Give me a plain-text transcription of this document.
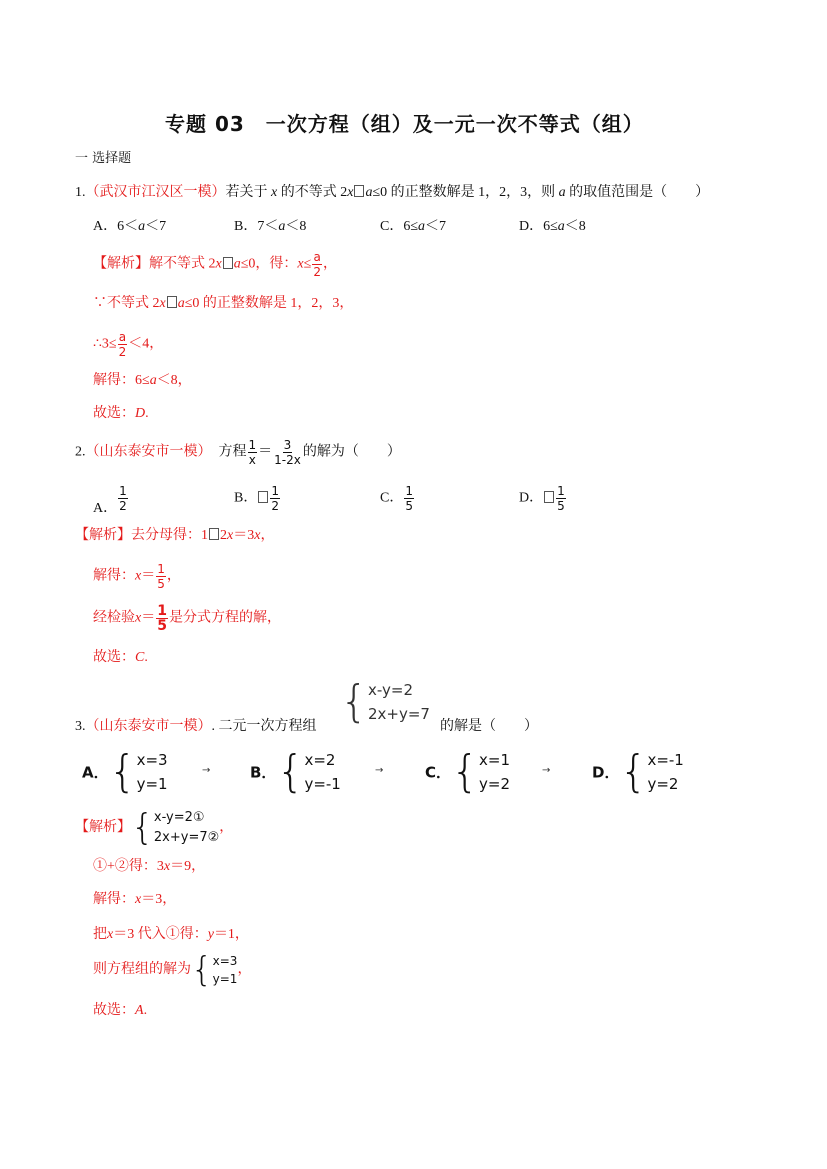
专题 03　一次方程（组）及一元一次不等式（组）
一 选择题
1.（武汉市江汉区一模）若关于 x 的不等式 2x a≤0 的正整数解是 1，2，3，则 a 的取值范围是（　　）
A．6＜a＜7	B．7＜a＜8	C．6≤a＜7	D．6≤a＜8
【解析】解不等式 2x a≤0，得：$x\le \frac{a}{2}$ ，
∵不等式 2x a≤0 的正整数解是 1，2，3，
∴3≤ $\frac{a}{2} <4$，
解得：6≤a＜8，
故选：D.
2.（山东泰安市一模）　 方程 $\frac{1}{x} = \frac{3}{1-2x}$ 的解为（　　）
A． $\frac{1}{2}$	B． $\frac{1}{2}$	C． $\frac{1}{5}$	D． $\frac{1}{5}$
【解析】去分母得：1 2x＝3x，
解得：$x= \frac{1}{5}$ ，
经检验$x= \frac{1}{5}$ 是分式方程的解，
故选：C.
{ x-y=2
2x+y=7
3.（山东泰安市一模）. 二元一次方程组	的解是（　　）
A． { x=3
y=1
→	B． { x=2
y=-1
→	C． { x=1
y=2
→	D． { x=-1
y=2
【解析】 { x-y=2①
2x+y=7②
，
①+②得：3x＝9，
解得：x＝3，
把x＝3 代入①得：y＝1，
则方程组的解为 { x=3
y=1
，
故选：A.
